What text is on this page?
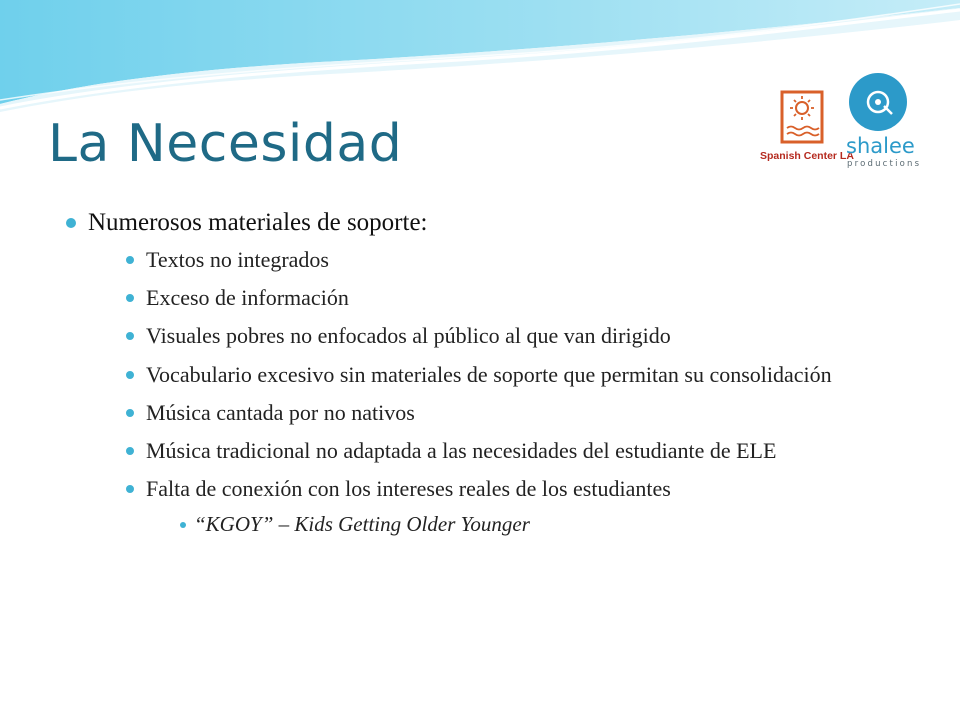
La Necesidad	Spanish Center LA
shalee
productions
Numerosos materiales de soporte:
Textos no integrados
Exceso de información
Visuales pobres no enfocados al público al que van dirigido
Vocabulario excesivo sin materiales de soporte que permitan su consolidación
Música cantada por no nativos
Música tradicional no adaptada a las necesidades del estudiante de ELE
Falta de conexión con los intereses reales de los estudiantes
“KGOY” – Kids Getting Older Younger
